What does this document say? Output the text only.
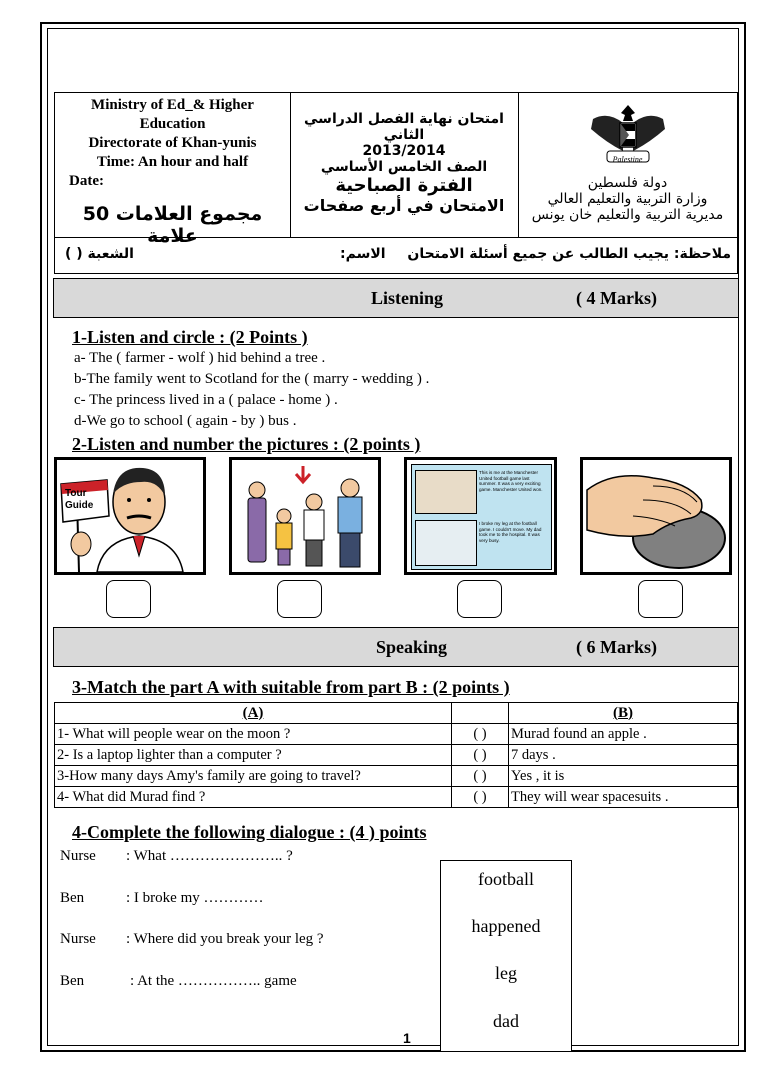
Ministry of Ed_& Higher
Education
Directorate of Khan-yunis
Time: An hour and half
Date:
مجموع العلامات 50 علامة
امتحان نهاية الفصل الدراسي الثاني
2013/2014
الصف الخامس الأساسي
الفترة الصباحية
الامتحان في أربع صفحات
Palestine
دولة فلسطين
وزارة التربية والتعليم العالي
مديرية التربية والتعليم خان يونس
ملاحظة: يجيب الطالب عن جميع أسئلة الامتحان
الاسم:
الشعبة ( )
Listening	( 4 Marks)
1-Listen and circle : (2 Points )
a- The ( farmer - wolf ) hid behind a tree .
b-The family went to Scotland for the ( marry - wedding ) .
c- The princess lived in a ( palace - home ) .
d-We go to school ( again - by ) bus .
2-Listen and number the pictures : (2 points )
Tour
Guide
This is me at the Manchester United football game last summer. It was a very exciting game. Manchester United won.
I broke my leg at the football game. I couldn't move. My dad took me to the hospital. It was very busy.
Speaking	( 6 Marks)
3-Match the part A with suitable from part B : (2 points )
(A)		(B)
1- What will people wear on the moon ?	( )	Murad found an apple .
2- Is a laptop lighter than a computer ?	( )	7 days .
3-How many days Amy's family are going to travel?	( )	Yes , it is
4- What did Murad find ?	( )	They will wear spacesuits .
4-Complete the following dialogue : (4 ) points
Nurse : What ………………….. ?
Ben	: I broke my …………
Nurse : Where did you break your leg ?
Ben	: At the …………….. game
football
happened
leg
dad
1
